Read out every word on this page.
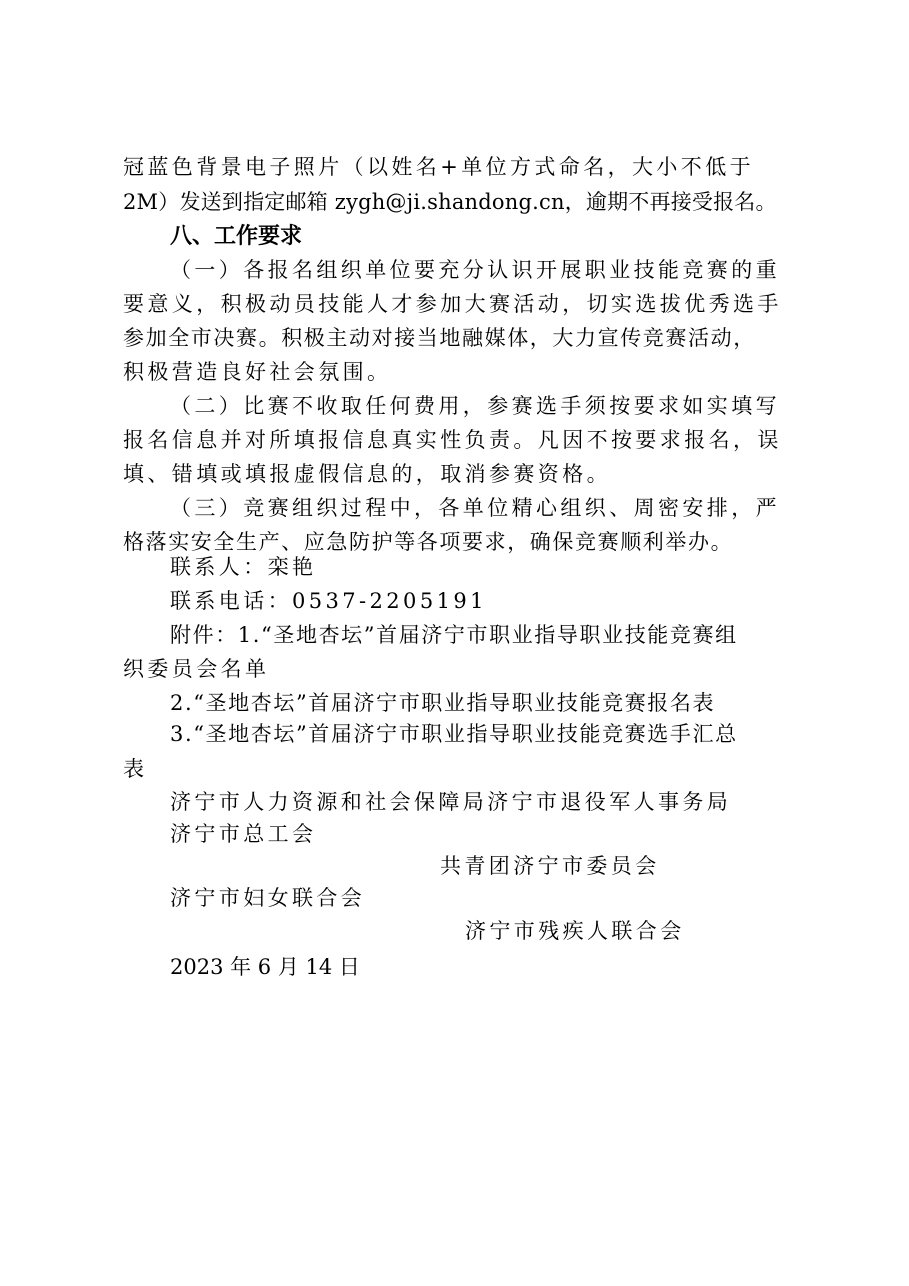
冠蓝色背景电子照片（以姓名+单位方式命名，大小不低于
2M）发送到指定邮箱 zygh@ji.shandong.cn，逾期不再接受报名。
八、工作要求
（一）各报名组织单位要充分认识开展职业技能竞赛的重
要意义，积极动员技能人才参加大赛活动，切实选拔优秀选手
参加全市决赛。积极主动对接当地融媒体，大力宣传竞赛活动，
积极营造良好社会氛围。
（二）比赛不收取任何费用，参赛选手须按要求如实填写
报名信息并对所填报信息真实性负责。凡因不按要求报名，误
填、错填或填报虚假信息的，取消参赛资格。
（三）竞赛组织过程中，各单位精心组织、周密安排，严
格落实安全生产、应急防护等各项要求，确保竞赛顺利举办。
联系人：栾艳
联系电话：0537-2205191
附件：1.“圣地杏坛”首届济宁市职业指导职业技能竞赛组
织委员会名单
2.“圣地杏坛”首届济宁市职业指导职业技能竞赛报名表
3.“圣地杏坛”首届济宁市职业指导职业技能竞赛选手汇总
表
济宁市人力资源和社会保障局济宁市退役军人事务局
济宁市总工会
共青团济宁市委员会
济宁市妇女联合会
济宁市残疾人联合会
2023 年 6 月 14 日
